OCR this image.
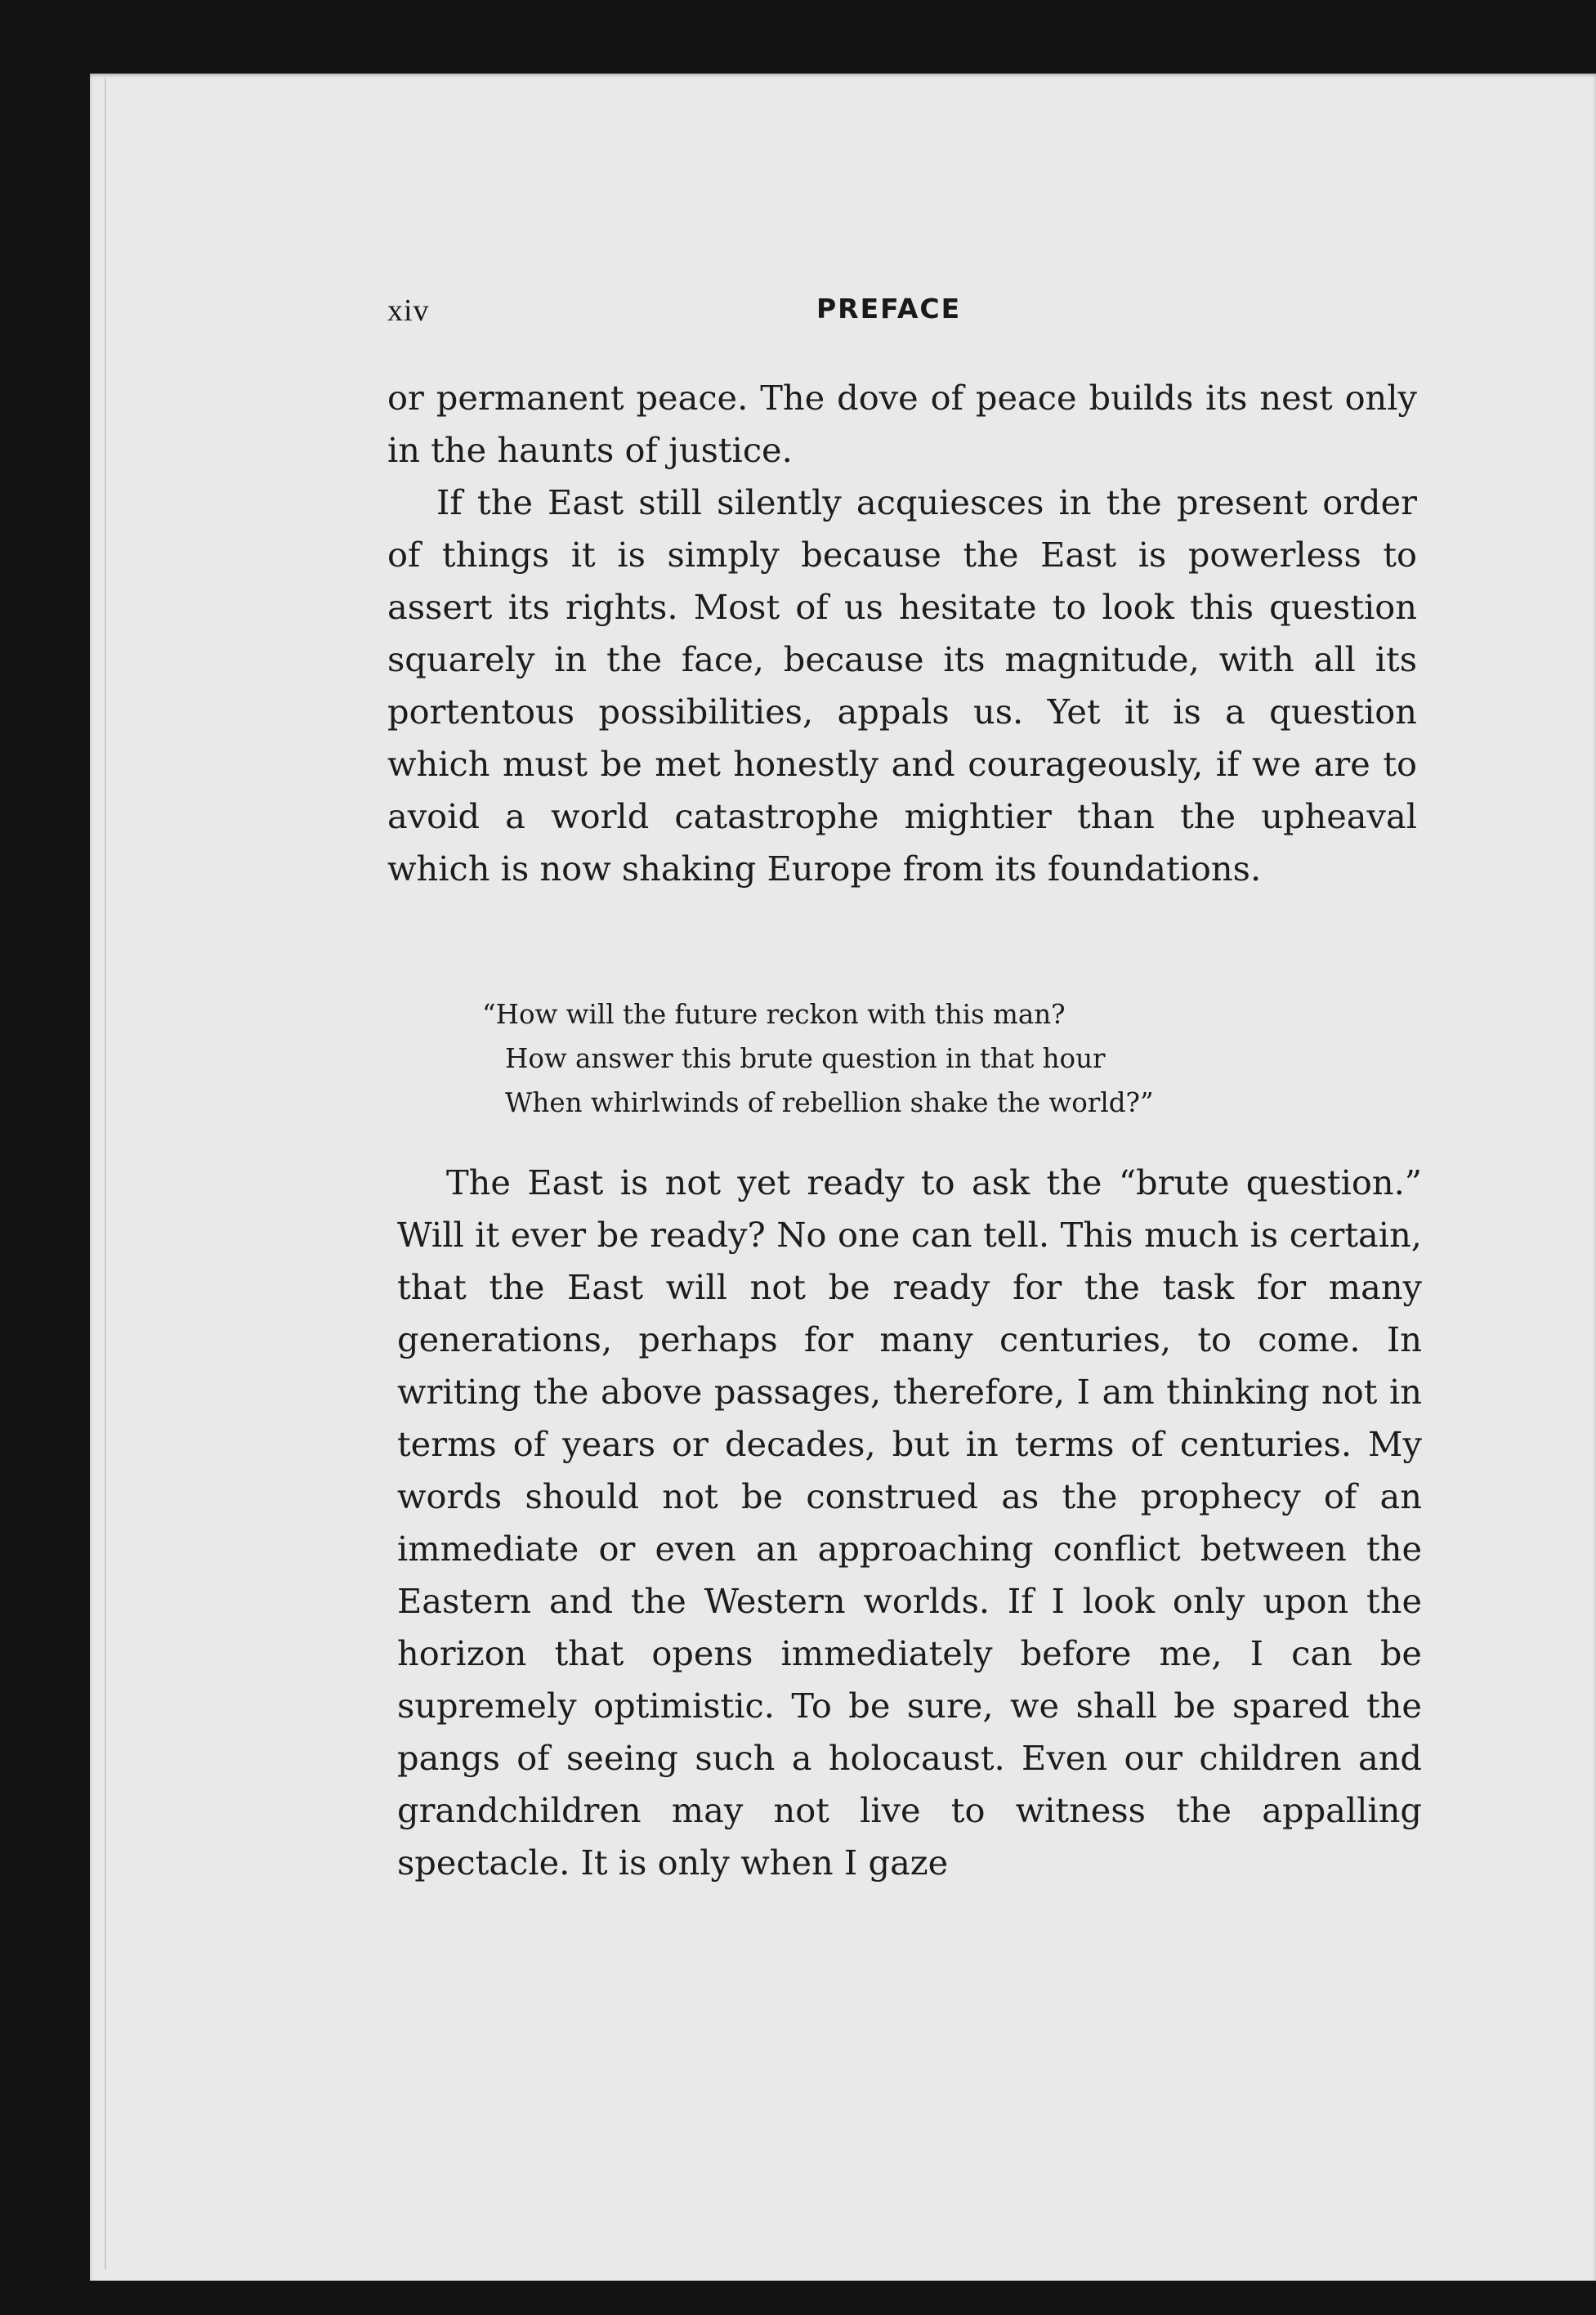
xiv	PREFACE

or permanent peace. The dove of peace builds its nest only in the haunts of justice.

If the East still silently acquiesces in the present order of things it is simply because the East is powerless to assert its rights. Most of us hesitate to look this question squarely in the face, because its magnitude, with all its portentous possibilities, appals us. Yet it is a question which must be met honestly and courageously, if we are to avoid a world catastrophe mightier than the upheaval which is now shaking Europe from its foundations.

“How will the future reckon with this man?
How answer this brute question in that hour
When whirlwinds of rebellion shake the world?”

The East is not yet ready to ask the “brute question.” Will it ever be ready? No one can tell. This much is certain, that the East will not be ready for the task for many generations, perhaps for many centuries, to come. In writing the above passages, therefore, I am thinking not in terms of years or decades, but in terms of centuries. My words should not be construed as the prophecy of an immediate or even an approaching conflict between the Eastern and the Western worlds. If I look only upon the horizon that opens immediately before me, I can be supremely optimistic. To be sure, we shall be spared the pangs of seeing such a holocaust. Even our children and grandchildren may not live to witness the appalling spectacle. It is only when I gaze
